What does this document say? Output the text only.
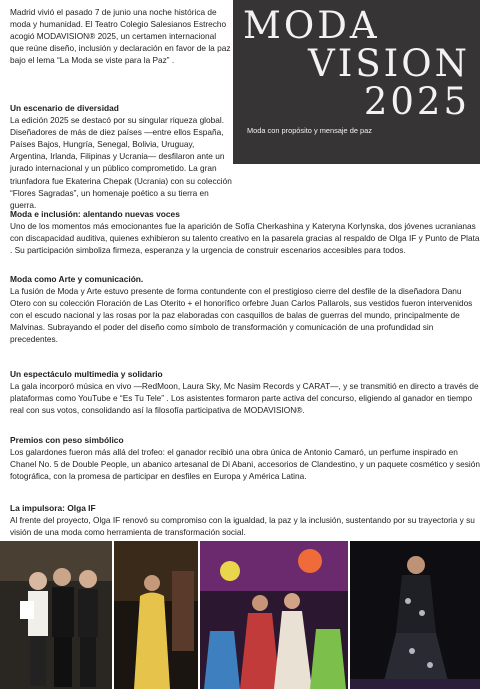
Madrid vivió el pasado 7 de junio una noche histórica de moda y humanidad. El Teatro Colegio Salesianos Estrecho acogió MODAVISION® 2025, un certamen internacional que reúne diseño, inclusión y declaración en favor de la paz bajo el lema “La Moda se viste para la Paz” .

MODA
VISION
2025
Moda con propósito y mensaje de paz
Un escenario de diversidad
La edición 2025 se destacó por su singular riqueza global. Diseñadores de más de diez países —entre ellos España, Países Bajos, Hungría, Senegal, Bolivia, Uruguay, Argentina, Irlanda, Filipinas y Ucrania— desfilaron ante un jurado internacional y un público comprometido. La gran triunfadora fue Ekaterina Chepak (Ucrania) con su colección “Flores Sagradas”, un homenaje poético a su tierra en guerra.
Moda e inclusión: alentando nuevas voces
Uno de los momentos más emocionantes fue la aparición de Sofía Cherkashina y Kateryna Korlynska, dos jóvenes ucranianas con discapacidad auditiva, quienes exhibieron su talento creativo en la pasarela gracias al respaldo de Olga IF y Punto de Plata . Su participación simboliza firmeza, esperanza y la urgencia de construir escenarios accesibles para todos.
Moda como Arte y comunicación.
La fusión de Moda y Arte estuvo presente de forma contundente con el prestigioso cierre del desfile de la diseñadora Danu Otero con su colección Floración de Las Oterito + el honorífico orfebre Juan Carlos Pallarols, sus vestidos fueron intervenidos con el escudo nacional y las rosas por la paz elaboradas con casquillos de balas de guerras del mundo, principalmente de Malvinas. Subrayando el poder del diseño como símbolo de transformación y comunicación de una profundidad sin precedentes.
Un espectáculo multimedia y solidario
La gala incorporó música en vivo —RedMoon, Laura Sky, Mc Nasim Records y CARAT—, y se transmitió en directo a través de plataformas como YouTube e “Es Tu Tele” . Los asistentes formaron parte activa del concurso, eligiendo al ganador en tiempo real con sus votos, consolidando así la filosofía participativa de MODAVISION®.
Premios con peso simbólico
Los galardones fueron más allá del trofeo: el ganador recibió una obra única de Antonio Camaró, un perfume inspirado en Chanel No. 5 de Double People, un abanico artesanal de Di Abani, accesorios de Clandestino, y un paquete cosmético y sesión fotográfica, con la promesa de participar en desfiles en Europa y América Latina.
La impulsora: Olga IF
Al frente del proyecto, Olga IF renovó su compromiso con la igualdad, la paz y la inclusión, sustentando por su trayectoria y su visión de una moda como herramienta de transformación social.
